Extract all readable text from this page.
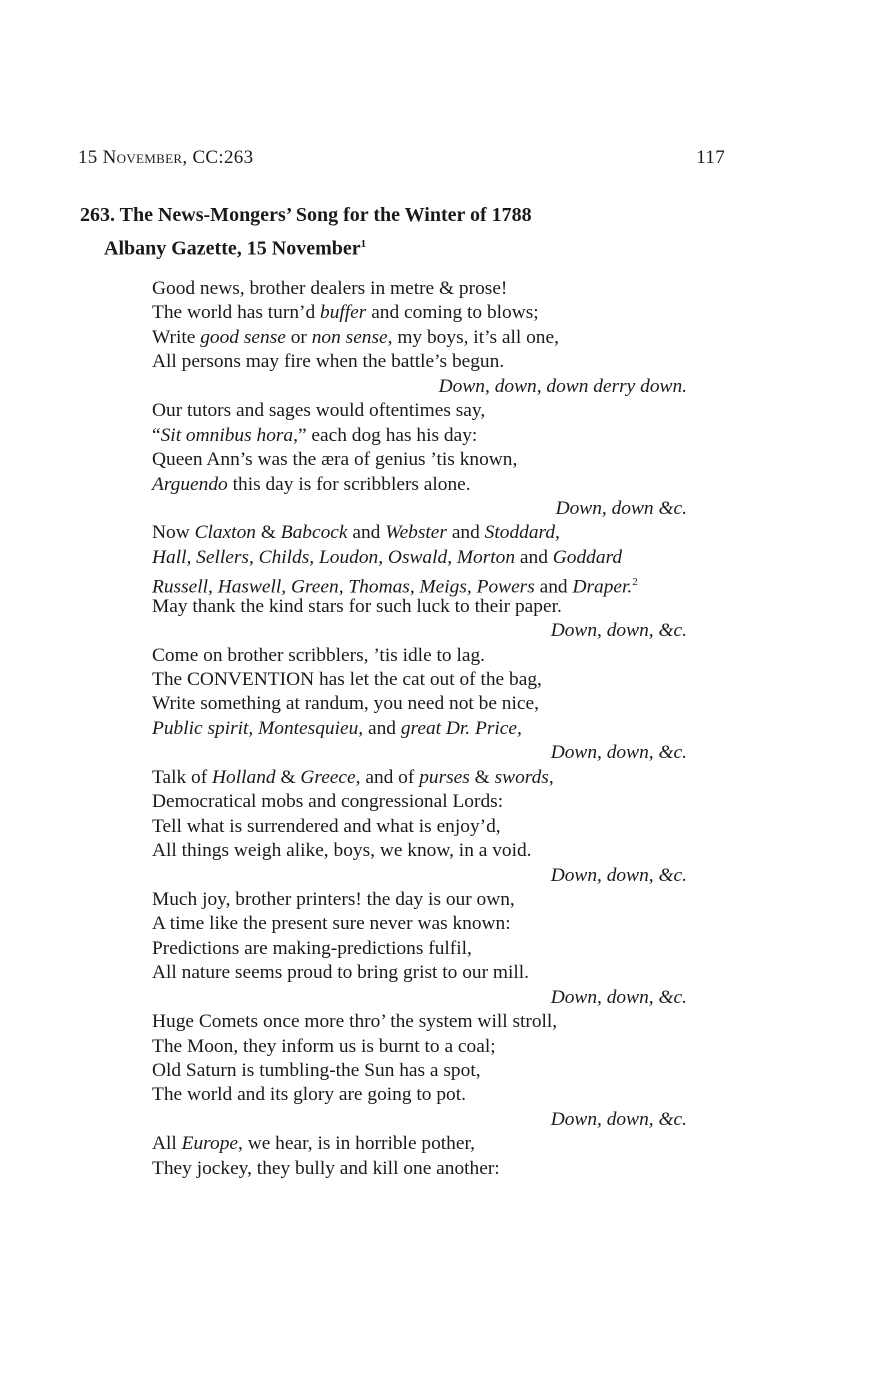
15 November, CC:263	117
263. The News-Mongers’ Song for the Winter of 1788
Albany Gazette, 15 November$^1$
Good news, brother dealers in metre & prose!
The world has turn’d buffer and coming to blows;
Write good sense or non sense, my boys, it’s all one,
All persons may fire when the battle’s begun.
Down, down, down derry down.
Our tutors and sages would oftentimes say,
“Sit omnibus hora,” each dog has his day:
Queen Ann’s was the æra of genius ’tis known,
Arguendo this day is for scribblers alone.
Down, down &c.
Now Claxton & Babcock and Webster and Stoddard,
Hall, Sellers, Childs, Loudon, Oswald, Morton and Goddard
Russell, Haswell, Green, Thomas, Meigs, Powers and Draper.$^2$
May thank the kind stars for such luck to their paper.
Down, down, &c.
Come on brother scribblers, ’tis idle to lag.
The CONVENTION has let the cat out of the bag,
Write something at randum, you need not be nice,
Public spirit, Montesquieu, and great Dr. Price,
Down, down, &c.
Talk of Holland & Greece, and of purses & swords,
Democratical mobs and congressional Lords:
Tell what is surrendered and what is enjoy’d,
All things weigh alike, boys, we know, in a void.
Down, down, &c.
Much joy, brother printers! the day is our own,
A time like the present sure never was known:
Predictions are making-predictions fulfil,
All nature seems proud to bring grist to our mill.
Down, down, &c.
Huge Comets once more thro’ the system will stroll,
The Moon, they inform us is burnt to a coal;
Old Saturn is tumbling-the Sun has a spot,
The world and its glory are going to pot.
Down, down, &c.
All Europe, we hear, is in horrible pother,
They jockey, they bully and kill one another:
